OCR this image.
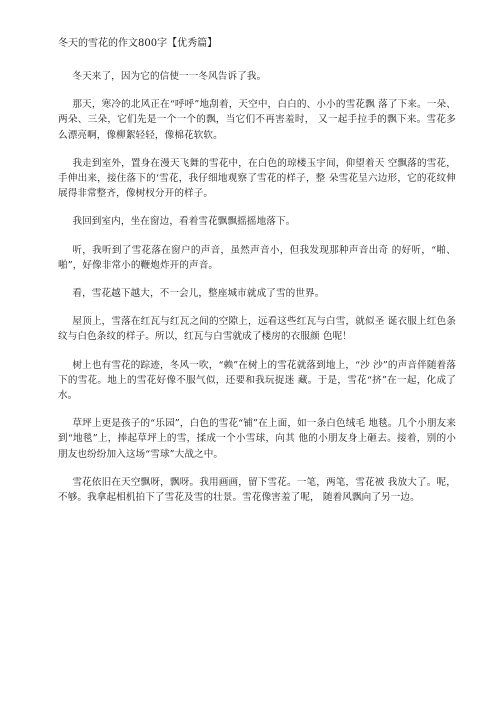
冬天的雪花的作文800字【优秀篇】

冬天来了，因为它的信使一一冬风告诉了我。

那天，寒冷的北风正在“呼呼”地刮着，天空中，白白的、小小的雪花飘 落了下来。一朵、两朵、三朵，它们先是一个一个的飘，当它们不再害羞时， 又一起手拉手的飘下来。雪花多么漂亮啊，像柳絮轻轻，像棉花软软。

我走到室外，置身在漫天飞舞的雪花中，在白色的琼楼玉宇间，仰望着天 空飘落的雪花，手伸出来，接住落下的‘雪花，我仔细地观察了雪花的样子，整 朵雪花呈六边形，它的花纹伸展得非常整齐，像树杈分开的样子。

我回到室内，坐在窗边，看着雪花飘飘摇摇地落下。

听，我听到了雪花落在窗户的声音，虽然声音小，但我发现那种声音出奇 的好听，“啪、啪”，好像非常小的鞭炮炸开的声音。

看，雪花越下越大，不一会儿，整座城市就成了雪的世界。

屋顶上，雪落在红瓦与红瓦之间的空隙上，远看这些红瓦与白雪，就似圣 诞衣服上红色条纹与白色条纹的样子。所以，红瓦与白雪就成了楼房的衣服颜 色呢！

树上也有雪花的踪迹，冬风一吹，“赖”在树上的雪花就落到地上，“沙 沙”的声音伴随着落下的雪花。地上的雪花好像不服气似，还要和我玩捉迷 藏。于是，雪花“挤”在一起，化成了水。

草坪上更是孩子的“乐园”，白色的雪花“铺”在上面，如一条白色绒毛 地毯。几个小朋友来到“地毯”上，捧起草坪上的雪，揉成一个小雪球，向其 他的小朋友身上砸去。接着，别的小朋友也纷纷加入这场“雪球”大战之中。

雪花依旧在天空飘呀，飘呀。我用画画，留下雪花。一笔，两笔，雪花被 我放大了。呢，不够。我拿起相机拍下了雪花及雪的壮景。雪花像害羞了呢， 随着风飘向了另一边。
